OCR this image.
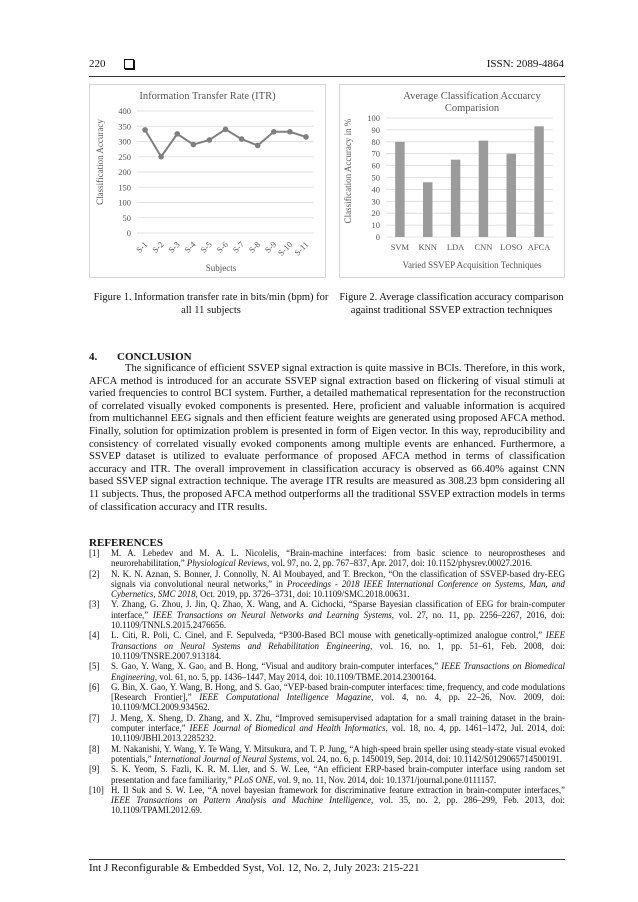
220	ISSN: 2089-4864
Information Transfer Rate (ITR)
Classification Accuracy
Subjects
0
50
100
150
200
250
300
350
400
S-1 S-2 S-3 S-4 S-5 S-6 S-7 S-8 S-9
S-10
S-11
Average Classification Accuarcy Comparision
Classification Accuracy in %
Varied SSVEP Acquisition Techniques
0
10
20
30
40
50
60
70
80
90
100
SVM KNN LDA CNN LOSO AFCA
Figure 1. Information transfer rate in bits/min (bpm) for all 11 subjects
Figure 2. Average classification accuracy comparison against traditional SSVEP extraction techniques
4. CONCLUSION
The significance of efficient SSVEP signal extraction is quite massive in BCIs. Therefore, in this work, AFCA method is introduced for an accurate SSVEP signal extraction based on flickering of visual stimuli at varied frequencies to control BCI system. Further, a detailed mathematical representation for the reconstruction of correlated visually evoked components is presented. Here, proficient and valuable information is acquired from multichannel EEG signals and then efficient feature weights are generated using proposed AFCA method. Finally, solution for optimization problem is presented in form of Eigen vector. In this way, reproducibility and consistency of correlated visually evoked components among multiple events are enhanced. Furthermore, a SSVEP dataset is utilized to evaluate performance of proposed AFCA method in terms of classification accuracy and ITR. The overall improvement in classification accuracy is observed as 66.40% against CNN based SSVEP signal extraction technique. The average ITR results are measured as 308.23 bpm considering all 11 subjects. Thus, the proposed AFCA method outperforms all the traditional SSVEP extraction models in terms of classification accuracy and ITR results.
REFERENCES
[1]	M. A. Lebedev and M. A. L. Nicolelis, “Brain-machine interfaces: from basic science to neuroprostheses and neurorehabilitation,” Physiological Reviews, vol. 97, no. 2, pp. 767–837, Apr. 2017, doi: 10.1152/physrev.00027.2016.
[2]	N. K. N. Aznan, S. Bonner, J. Connolly, N. Al Moubayed, and T. Breckon, “On the classification of SSVEP-based dry-EEG signals via convolutional neural networks,” in Proceedings - 2018 IEEE International Conference on Systems, Man, and Cybernetics, SMC 2018, Oct. 2019, pp. 3726–3731, doi: 10.1109/SMC.2018.00631.
[3]	Y. Zhang, G. Zhou, J. Jin, Q. Zhao, X. Wang, and A. Cichocki, “Sparse Bayesian classification of EEG for brain-computer interface,” IEEE Transactions on Neural Networks and Learning Systems, vol. 27, no. 11, pp. 2256–2267, 2016, doi: 10.1109/TNNLS.2015.2476656.
[4]	L. Citi, R. Poli, C. Cinel, and F. Sepulveda, “P300-Based BCI mouse with genetically-optimized analogue control,” IEEE Transactions on Neural Systems and Rehabilitation Engineering, vol. 16, no. 1, pp. 51–61, Feb. 2008, doi: 10.1109/TNSRE.2007.913184.
[5]	S. Gao, Y. Wang, X. Gao, and B. Hong, “Visual and auditory brain-computer interfaces,” IEEE Transactions on Biomedical Engineering, vol. 61, no. 5, pp. 1436–1447, May 2014, doi: 10.1109/TBME.2014.2300164.
[6]	G. Bin, X. Gao, Y. Wang, B. Hong, and S. Gao, “VEP-based brain-computer interfaces: time, frequency, and code modulations [Research Frontier],” IEEE Computational Intelligence Magazine, vol. 4, no. 4, pp. 22–26, Nov. 2009, doi: 10.1109/MCI.2009.934562.
[7]	J. Meng, X. Sheng, D. Zhang, and X. Zhu, “Improved semisupervised adaptation for a small training dataset in the brain-computer interface,” IEEE Journal of Biomedical and Health Informatics, vol. 18, no. 4, pp. 1461–1472, Jul. 2014, doi: 10.1109/JBHI.2013.2285232.
[8]	M. Nakanishi, Y. Wang, Y. Te Wang, Y. Mitsukura, and T. P. Jung, “A high-speed brain speller using steady-state visual evoked potentials,” International Journal of Neural Systems, vol. 24, no. 6, p. 1450019, Sep. 2014, doi: 10.1142/S0129065714500191.
[9]	S. K. Yeom, S. Fazli, K. R. M. Ller, and S. W. Lee, “An efficient ERP-based brain-computer interface using random set presentation and face familiarity,” PLoS ONE, vol. 9, no. 11, Nov. 2014, doi: 10.1371/journal.pone.0111157.
[10] H. Il Suk and S. W. Lee, “A novel bayesian framework for discriminative feature extraction in brain-computer interfaces,” IEEE Transactions on Pattern Analysis and Machine Intelligence, vol. 35, no. 2, pp. 286–299, Feb. 2013, doi: 10.1109/TPAMI.2012.69.
Int J Reconfigurable & Embedded Syst, Vol. 12, No. 2, July 2023: 215-221
